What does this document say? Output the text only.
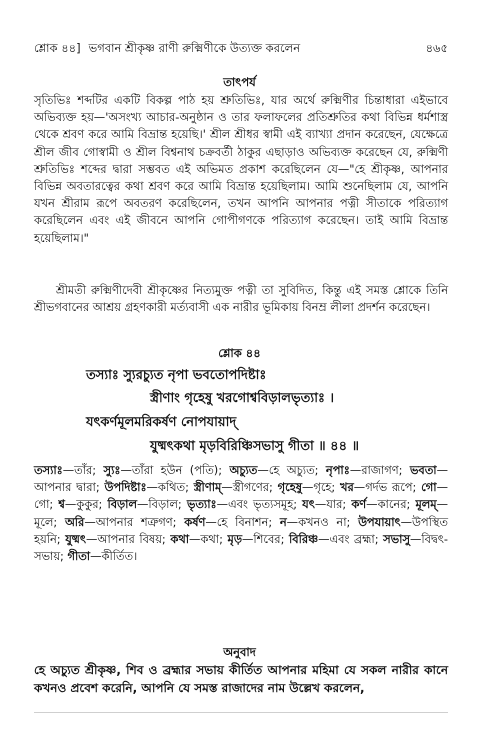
শ্লোক ৪৪] ভগবান শ্রীকৃষ্ণ রাণী রুক্মিণীকে উত্যক্ত করলেন	৪৬৫
তাৎপর্য

সৃতিভিঃ শব্দটির একটি বিকল্প পাঠ হয় শ্রুতিভিঃ, যার অর্থে রুক্মিণীর চিন্তাধারা এইভাবে অভিব্যক্ত হয়—'অসংখ্য আচার-অনুষ্ঠান ও তার ফলাফলের প্রতিশ্রুতির কথা বিভিন্ন ধর্মশাস্ত্র থেকে শ্রবণ করে আমি বিভ্রান্ত হয়েছি।' শ্রীল শ্রীধর স্বামী এই ব্যাখ্যা প্রদান করেছেন, যেক্ষেত্রে শ্রীল জীব গোস্বামী ও শ্রীল বিশ্বনাথ চক্রবর্তী ঠাকুর এছাড়াও অভিব্যক্ত করেছেন যে, রুক্মিণী শ্রুতিভিঃ শব্দের দ্বারা সম্ভবত এই অভিমত প্রকাশ করেছিলেন যে—"হে শ্রীকৃষ্ণ, আপনার বিভিন্ন অবতারত্বের কথা শ্রবণ করে আমি বিভ্রান্ত হয়েছিলাম। আমি শুনেছিলাম যে, আপনি যখন শ্রীরাম রূপে অবতরণ করেছিলেন, তখন আপনি আপনার পত্নী সীতাকে পরিত্যাগ করেছিলেন এবং এই জীবনে আপনি গোপীগণকে পরিত্যাগ করেছেন। তাই আমি বিভ্রান্ত হয়েছিলাম।"

শ্রীমতী রুক্মিণীদেবী শ্রীকৃষ্ণের নিত্যমুক্ত পত্নী তা সুবিদিত, কিন্তু এই সমস্ত শ্লোকে তিনি শ্রীভগবানের আশ্রয় গ্রহণকারী মর্ত্যবাসী এক নারীর ভূমিকায় বিনম্র লীলা প্রদর্শন করেছেন।

শ্লোক ৪৪
তস্যাঃ স্যুরচ্যুত নৃপা ভবতোপদিষ্টাঃ
স্ত্রীণাং গৃহেষু খরগোশ্ববিড়ালভৃত্যাঃ ।
যৎকর্ণমূলমরিকর্ষণ নোপযায়াদ্
যুষ্মৎকথা মৃড়বিরিঞ্চিসভাসু গীতা ॥ ৪৪ ॥

তস্যাঃ—তাঁর; স্যুঃ—তাঁরা হউন (পতি); অচ্যুত—হে অচ্যুত; নৃপাঃ—রাজাগণ; ভবতা—আপনার দ্বারা; উপদিষ্টাঃ—কথিত; স্ত্রীণাম্—স্ত্রীগণের; গৃহেষু—গৃহে; খর—গর্দভ রূপে; গো—গো; শ্ব—কুকুর; বিড়াল—বিড়াল; ভৃত্যাঃ—এবং ভৃত্যসমূহ; যৎ—যার; কর্ণ—কানের; মূলম্—মূলে; অরি—আপনার শত্রুগণ; কর্ষণ—হে বিনাশন; ন—কখনও না; উপযায়াৎ—উপস্থিত হয়নি; যুষ্মৎ—আপনার বিষয়; কথা—কথা; মৃড়—শিবের; বিরিঞ্চ—এবং ব্রহ্মা; সভাসু—বিদ্বৎ-সভায়; গীতা—কীর্তিত।

অনুবাদ

হে অচ্যুত শ্রীকৃষ্ণ, শিব ও ব্রহ্মার সভায় কীর্তিত আপনার মহিমা যে সকল নারীর কানে কখনও প্রবেশ করেনি, আপনি যে সমস্ত রাজাদের নাম উল্লেখ করলেন,
